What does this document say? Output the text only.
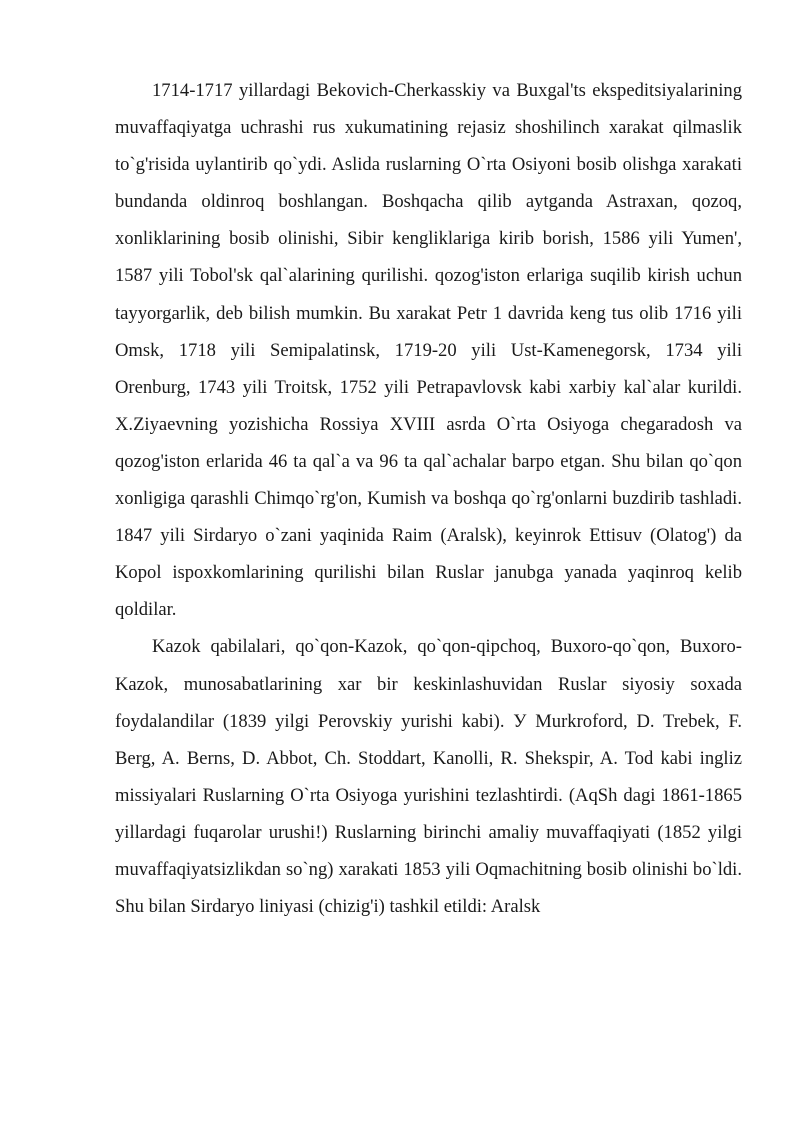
1714-1717 yillardagi Bekovich-Cherkasskiy va Buxgal'ts ekspeditsiyalarining muvaffaqiyatga uchrashi rus xukumatining rejasiz shoshilinch xarakat qilmaslik to`g'risida uylantirib qo`ydi. Aslida ruslarning O`rta Osiyoni bosib olishga xarakati bundanda oldinroq boshlangan. Boshqacha qilib aytganda Astraxan, qozoq, xonliklarining bosib olinishi, Sibir kengliklariga kirib borish, 1586 yili Yumen', 1587 yili Tobol'sk qal`alarining qurilishi. qozog'iston erlariga suqilib kirish uchun tayyorgarlik, deb bilish mumkin. Bu xarakat Petr 1 davrida keng tus olib 1716 yili Omsk, 1718 yili Semipalatinsk, 1719-20 yili Ust-Kamenegorsk, 1734 yili Orenburg, 1743 yili Troitsk, 1752 yili Petrapavlovsk kabi xarbiy kal`alar kurildi. X.Ziyaevning yozishicha Rossiya XVIII asrda O`rta Osiyoga chegaradosh va qozog'iston erlarida 46 ta qal`a va 96 ta qal`achalar barpo etgan. Shu bilan qo`qon xonligiga qarashli Chimqo`rg'on, Kumish va boshqa qo`rg'onlarni buzdirib tashladi. 1847 yili Sirdaryo o`zani yaqinida Raim (Aralsk), keyinrok Ettisuv (Olatog') da Kopol ispoxkomlarining qurilishi bilan Ruslar janubga yanada yaqinroq kelib qoldilar.

Kazok qabilalari, qo`qon-Kazok, qo`qon-qipchoq, Buxoro-qo`qon, Buxoro-Kazok, munosabatlarining xar bir keskinlashuvidan Ruslar siyosiy soxada foydalandilar (1839 yilgi Perovskiy yurishi kabi). У Murkroford, D. Trebek, F. Berg, A. Berns, D. Abbot, Ch. Stoddart, Kanolli, R. Shekspir, A. Tod kabi ingliz missiyalari Ruslarning O`rta Osiyoga yurishini tezlashtirdi. (AqSh dagi 1861-1865 yillardagi fuqarolar urushi!) Ruslarning birinchi amaliy muvaffaqiyati (1852 yilgi muvaffaqiyatsizlikdan so`ng) xarakati 1853 yili Oqmachitning bosib olinishi bo`ldi. Shu bilan Sirdaryo liniyasi (chizig'i) tashkil etildi: Aralsk
